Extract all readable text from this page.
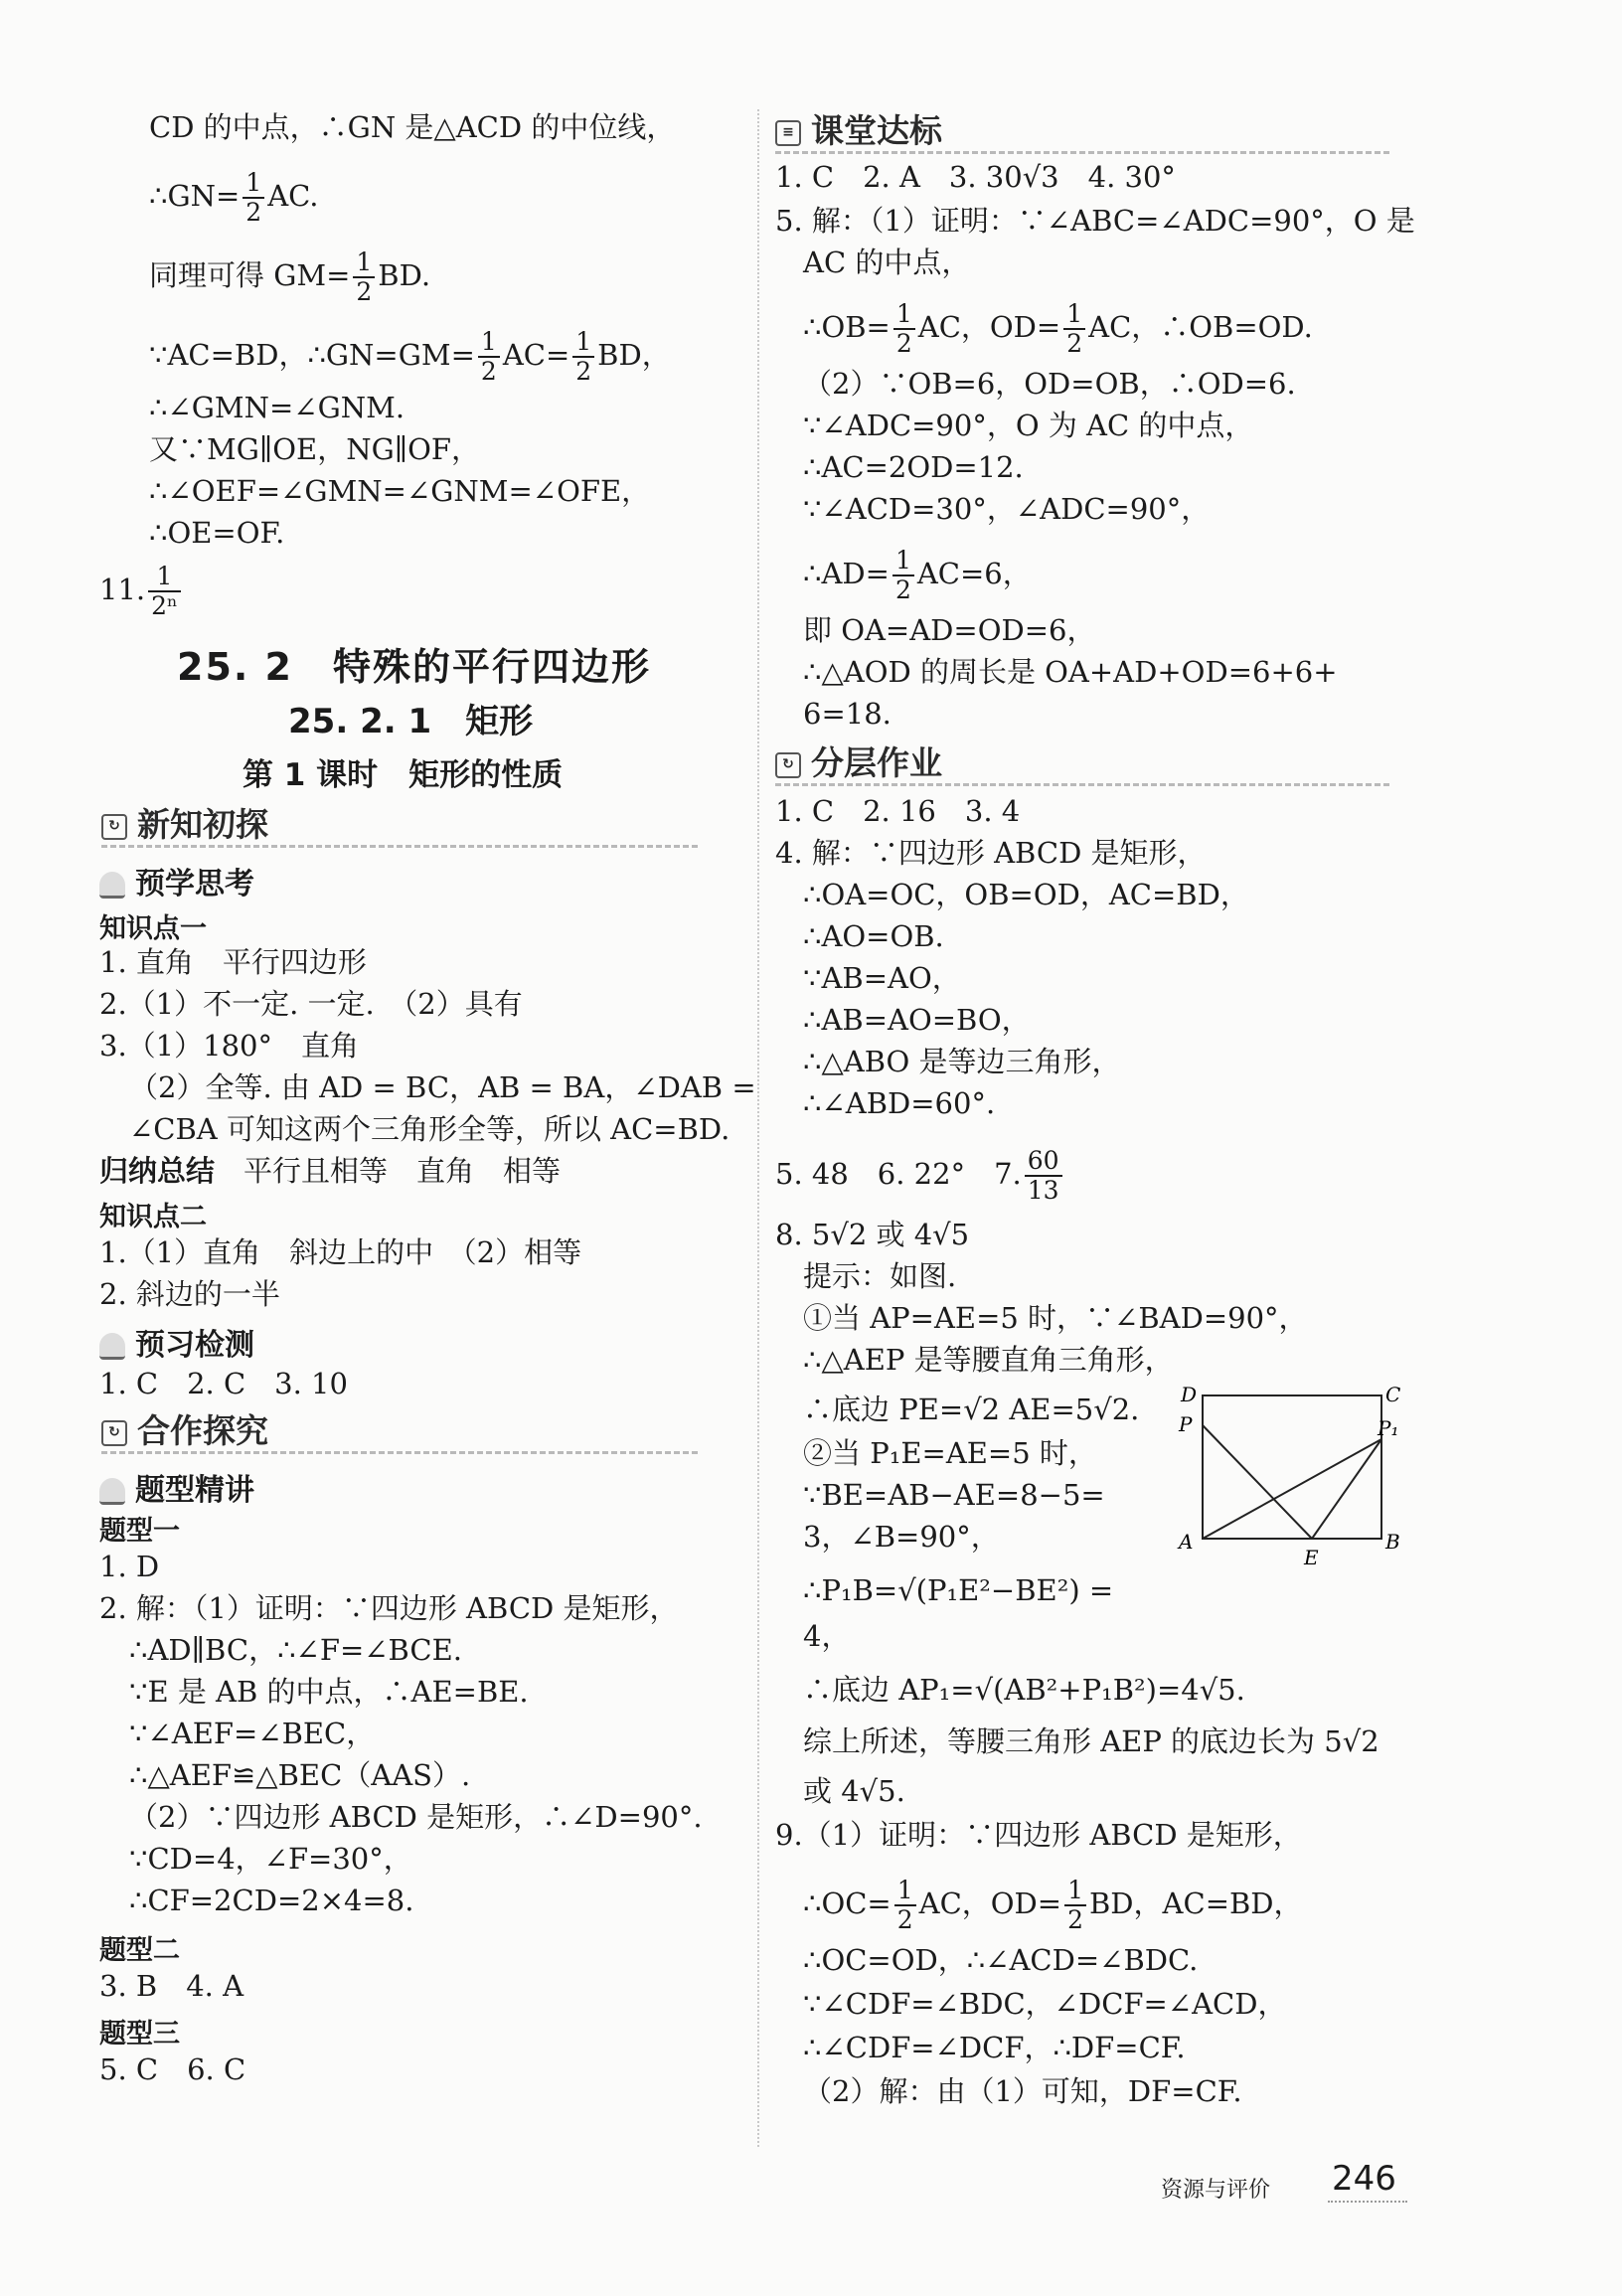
CD 的中点，∴GN 是△ACD 的中位线，
∴GN= $\frac{1}{2}$ AC.
同理可得 $GM= \frac{1}{2}$ BD.
∵AC=BD，∴GN=GM= $\frac{1}{2} AC= \frac{1}{2}$ BD，
∴∠GMN=∠GNM.
又∵MG∥OE，NG∥OF，
∴∠OEF=∠GMN=∠GNM=∠OFE，
∴OE=OF.
11. $\frac{1}{\text{2ⁿ}}$
25. 2　特殊的平行四边形
25. 2. 1　矩形
第 1 课时　矩形的性质
↻ 新知初探
预学思考
知识点一
1. 直角　平行四边形
2.（1）不一定. 一定.　（2）具有
3.（1）180°　直角
（2）全等. 由 AD = BC，AB = BA，∠DAB =
∠CBA 可知这两个三角形全等，所以 AC=BD.
归纳总结　 平行且相等　直角　相等
知识点二
1.（1）直角　斜边上的中　（2）相等
2. 斜边的一半
预习检测
1. C　2. C　3. 10
↻ 合作探究
题型精讲
题型一
1. D
2. 解：（1）证明：∵四边形 ABCD 是矩形，
∴AD∥BC，∴∠F=∠BCE.
∵E 是 AB 的中点，∴AE=BE.
∵∠AEF=∠BEC，
∴△AEF≌△BEC（AAS）.
（2）∵四边形 ABCD 是矩形，∴∠D=90°.
∵CD=4，∠F=30°，
∴CF=2CD=2×4=8.
题型二
3. B　4. A
题型三
5. C　6. C
≡ 课堂达标
1. C　2. A　3. 30√3　4. 30°
5. 解：（1）证明：∵∠ABC=∠ADC=90°，O 是
AC 的中点，
∴OB= $\frac{1}{2}$ AC，$OD= \frac{1}{2}$ AC，∴OB=OD.
（2）∵OB=6，OD=OB，∴OD=6.
∵∠ADC=90°，O 为 AC 的中点，
∴AC=2OD=12.
∵∠ACD=30°，∠ADC=90°，
∴AD= $\frac{1}{2} AC=6$，
即 OA=AD=OD=6，
∴△AOD 的周长是 OA+AD+OD=6+6+
6=18.
↻ 分层作业
1. C　2. 16　3. 4
4. 解：∵四边形 ABCD 是矩形，
∴OA=OC，OB=OD，AC=BD，
∴AO=OB.
∵AB=AO，
∴AB=AO=BO，
∴△ABO 是等边三角形，
∴∠ABD=60°.
5. 48　6. 22°　7. $\frac{60}{13}$
8. 5√2 或 4√5
提示：如图.
①当 AP=AE=5 时，∵∠BAD=90°，
∴△AEP 是等腰直角三角形，
∴底边 PE=√2 AE=5√2.
②当 P₁E=AE=5 时，
∵BE=AB−AE=8−5=
3，∠B=90°，
∴P₁B=√(P₁E²−BE²) =
4，
∴底边 AP₁=√(AB²+P₁B²)=4√5.
综上所述，等腰三角形 AEP 的底边长为 5√2
或 4√5.
9.（1）证明：∵四边形 ABCD 是矩形，
∴OC= $\frac{1}{2}$ AC，$OD= \frac{1}{2}$ BD，AC=BD，
∴OC=OD，∴∠ACD=∠BDC.
∵∠CDF=∠BDC，∠DCF=∠ACD，
∴∠CDF=∠DCF，∴DF=CF.
（2）解：由（1）可知，DF=CF.
D	C
P	P₁
A
E
B
资源与评价 246
